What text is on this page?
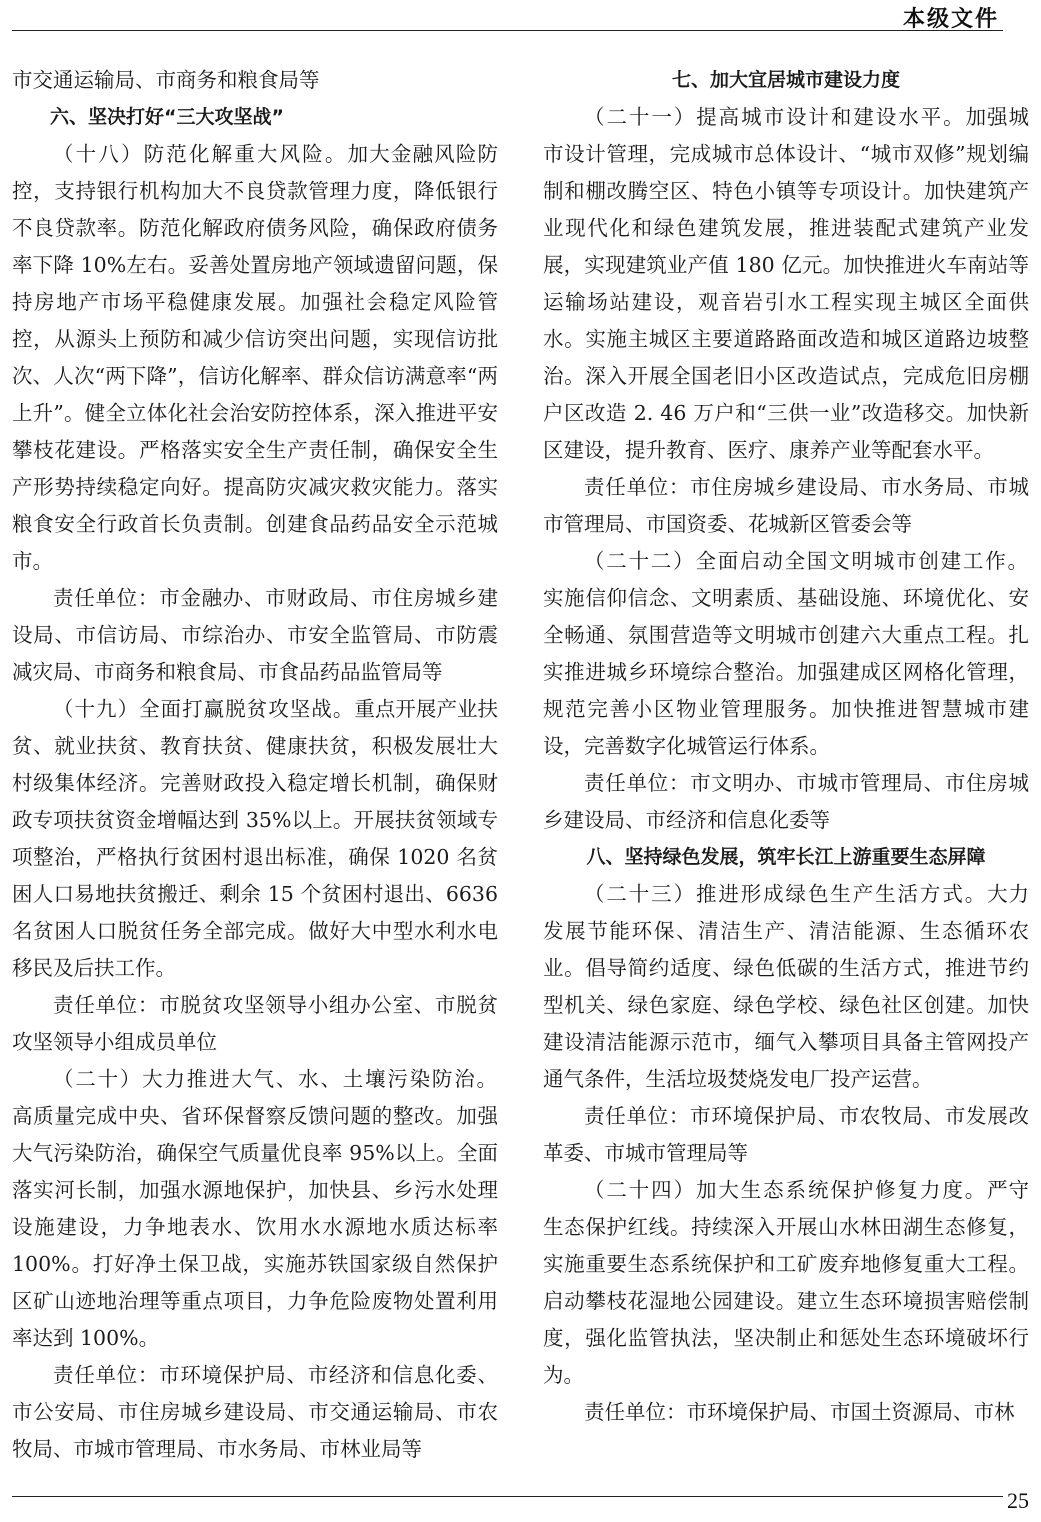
本级文件

市交通运输局、市商务和粮食局等

六、坚决打好“三大攻坚战”

（十八）防范化解重大风险。加大金融风险防控，支持银行机构加大不良贷款管理力度，降低银行不良贷款率。防范化解政府债务风险，确保政府债务率下降 10%左右。妥善处置房地产领域遗留问题，保持房地产市场平稳健康发展。加强社会稳定风险管控，从源头上预防和减少信访突出问题，实现信访批次、人次“两下降”，信访化解率、群众信访满意率“两上升”。健全立体化社会治安防控体系，深入推进平安攀枝花建设。严格落实安全生产责任制，确保安全生产形势持续稳定向好。提高防灾减灾救灾能力。落实粮食安全行政首长负责制。创建食品药品安全示范城市。

责任单位：市金融办、市财政局、市住房城乡建设局、市信访局、市综治办、市安全监管局、市防震减灾局、市商务和粮食局、市食品药品监管局等

（十九）全面打赢脱贫攻坚战。重点开展产业扶贫、就业扶贫、教育扶贫、健康扶贫，积极发展壮大村级集体经济。完善财政投入稳定增长机制，确保财政专项扶贫资金增幅达到 35%以上。开展扶贫领域专项整治，严格执行贫困村退出标准，确保 1020 名贫困人口易地扶贫搬迁、剩余 15 个贫困村退出、6636 名贫困人口脱贫任务全部完成。做好大中型水利水电移民及后扶工作。

责任单位：市脱贫攻坚领导小组办公室、市脱贫攻坚领导小组成员单位

（二十）大力推进大气、水、土壤污染防治。高质量完成中央、省环保督察反馈问题的整改。加强大气污染防治，确保空气质量优良率 95%以上。全面落实河长制，加强水源地保护，加快县、乡污水处理设施建设，力争地表水、饮用水水源地水质达标率 100%。打好净土保卫战，实施苏铁国家级自然保护区矿山迹地治理等重点项目，力争危险废物处置利用率达到 100%。

责任单位：市环境保护局、市经济和信息化委、市公安局、市住房城乡建设局、市交通运输局、市农牧局、市城市管理局、市水务局、市林业局等

七、加大宜居城市建设力度

（二十一）提高城市设计和建设水平。加强城市设计管理，完成城市总体设计、“城市双修”规划编制和棚改腾空区、特色小镇等专项设计。加快建筑产业现代化和绿色建筑发展，推进装配式建筑产业发展，实现建筑业产值 180 亿元。加快推进火车南站等运输场站建设，观音岩引水工程实现主城区全面供水。实施主城区主要道路路面改造和城区道路边坡整治。深入开展全国老旧小区改造试点，完成危旧房棚户区改造 2. 46 万户和“三供一业”改造移交。加快新区建设，提升教育、医疗、康养产业等配套水平。

责任单位：市住房城乡建设局、市水务局、市城市管理局、市国资委、花城新区管委会等

（二十二）全面启动全国文明城市创建工作。实施信仰信念、文明素质、基础设施、环境优化、安全畅通、氛围营造等文明城市创建六大重点工程。扎实推进城乡环境综合整治。加强建成区网格化管理，规范完善小区物业管理服务。加快推进智慧城市建设，完善数字化城管运行体系。

责任单位：市文明办、市城市管理局、市住房城乡建设局、市经济和信息化委等

八、坚持绿色发展，筑牢长江上游重要生态屏障

（二十三）推进形成绿色生产生活方式。大力发展节能环保、清洁生产、清洁能源、生态循环农业。倡导简约适度、绿色低碳的生活方式，推进节约型机关、绿色家庭、绿色学校、绿色社区创建。加快建设清洁能源示范市，缅气入攀项目具备主管网投产通气条件，生活垃圾焚烧发电厂投产运营。

责任单位：市环境保护局、市农牧局、市发展改革委、市城市管理局等

（二十四）加大生态系统保护修复力度。严守生态保护红线。持续深入开展山水林田湖生态修复，实施重要生态系统保护和工矿废弃地修复重大工程。启动攀枝花湿地公园建设。建立生态环境损害赔偿制度，强化监管执法，坚决制止和惩处生态环境破坏行为。

责任单位：市环境保护局、市国土资源局、市林

25
